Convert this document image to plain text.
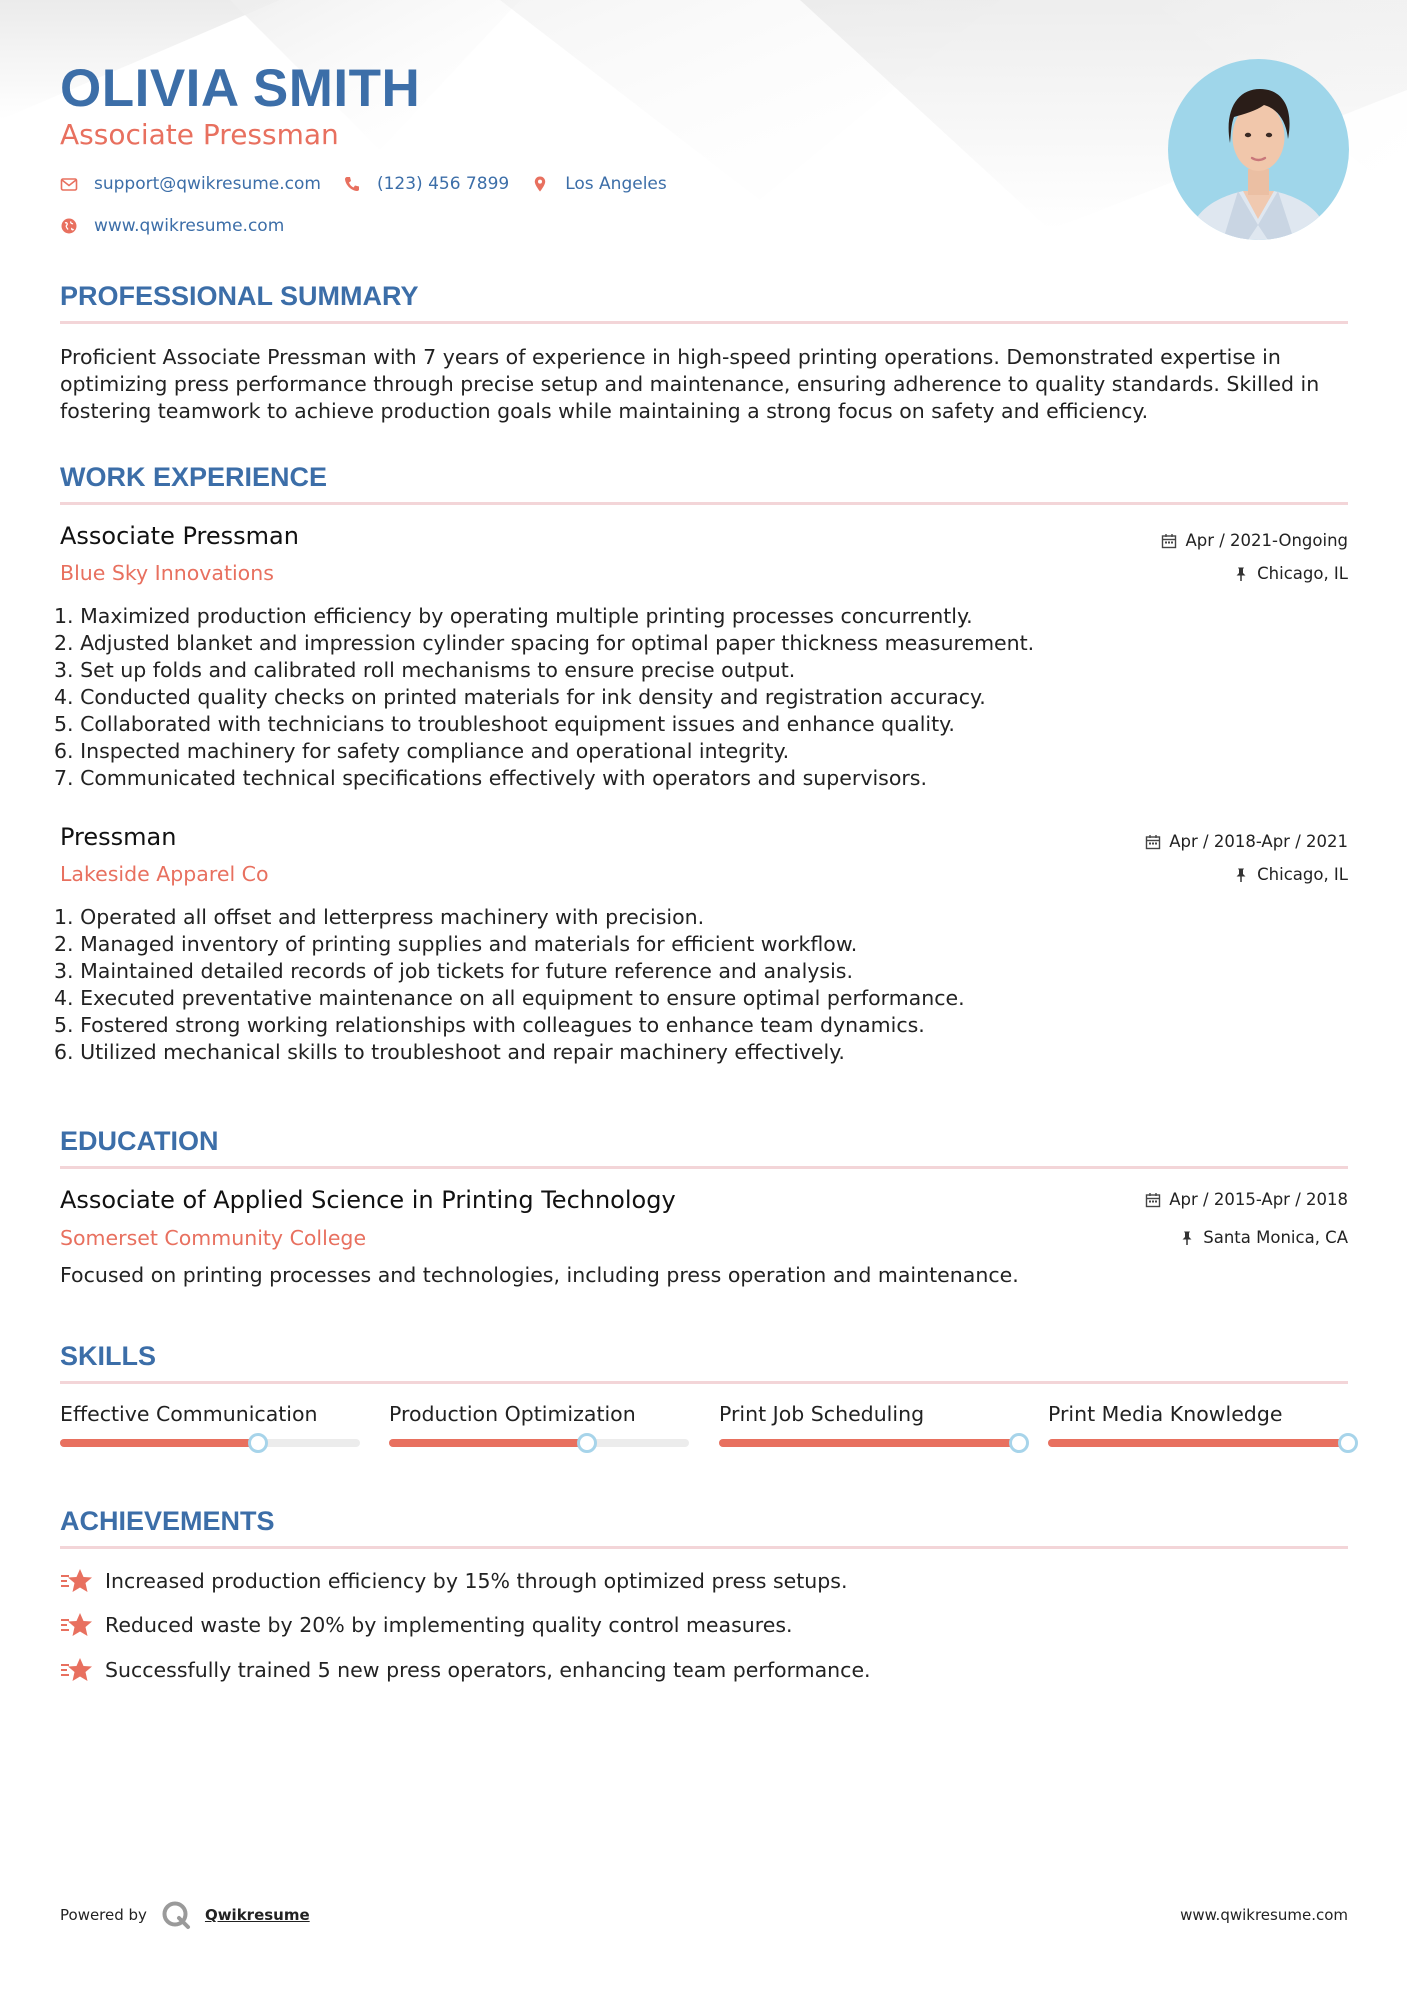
OLIVIA SMITH
Associate Pressman
support@qwikresume.com	(123) 456 7899	Los Angeles
www.qwikresume.com
PROFESSIONAL SUMMARY
Proficient Associate Pressman with 7 years of experience in high-speed printing operations. Demonstrated expertise in optimizing press performance through precise setup and maintenance, ensuring adherence to quality standards. Skilled in fostering teamwork to achieve production goals while maintaining a strong focus on safety and efficiency.
WORK EXPERIENCE
Associate Pressman
Blue Sky Innovations
Apr / 2021-Ongoing
Chicago, IL
1. Maximized production efficiency by operating multiple printing processes concurrently.
2. Adjusted blanket and impression cylinder spacing for optimal paper thickness measurement.
3. Set up folds and calibrated roll mechanisms to ensure precise output.
4. Conducted quality checks on printed materials for ink density and registration accuracy.
5. Collaborated with technicians to troubleshoot equipment issues and enhance quality.
6. Inspected machinery for safety compliance and operational integrity.
7. Communicated technical specifications effectively with operators and supervisors.
Pressman
Lakeside Apparel Co
Apr / 2018-Apr / 2021
Chicago, IL
1. Operated all offset and letterpress machinery with precision.
2. Managed inventory of printing supplies and materials for efficient workflow.
3. Maintained detailed records of job tickets for future reference and analysis.
4. Executed preventative maintenance on all equipment to ensure optimal performance.
5. Fostered strong working relationships with colleagues to enhance team dynamics.
6. Utilized mechanical skills to troubleshoot and repair machinery effectively.
EDUCATION
Associate of Applied Science in Printing Technology
Somerset Community College
Apr / 2015-Apr / 2018
Santa Monica, CA
Focused on printing processes and technologies, including press operation and maintenance.
SKILLS
Effective Communication	Production Optimization	Print Job Scheduling	Print Media Knowledge
ACHIEVEMENTS
Increased production efficiency by 15% through optimized press setups.
Reduced waste by 20% by implementing quality control measures.
Successfully trained 5 new press operators, enhancing team performance.
Powered by	Qwikresume	www.qwikresume.com
